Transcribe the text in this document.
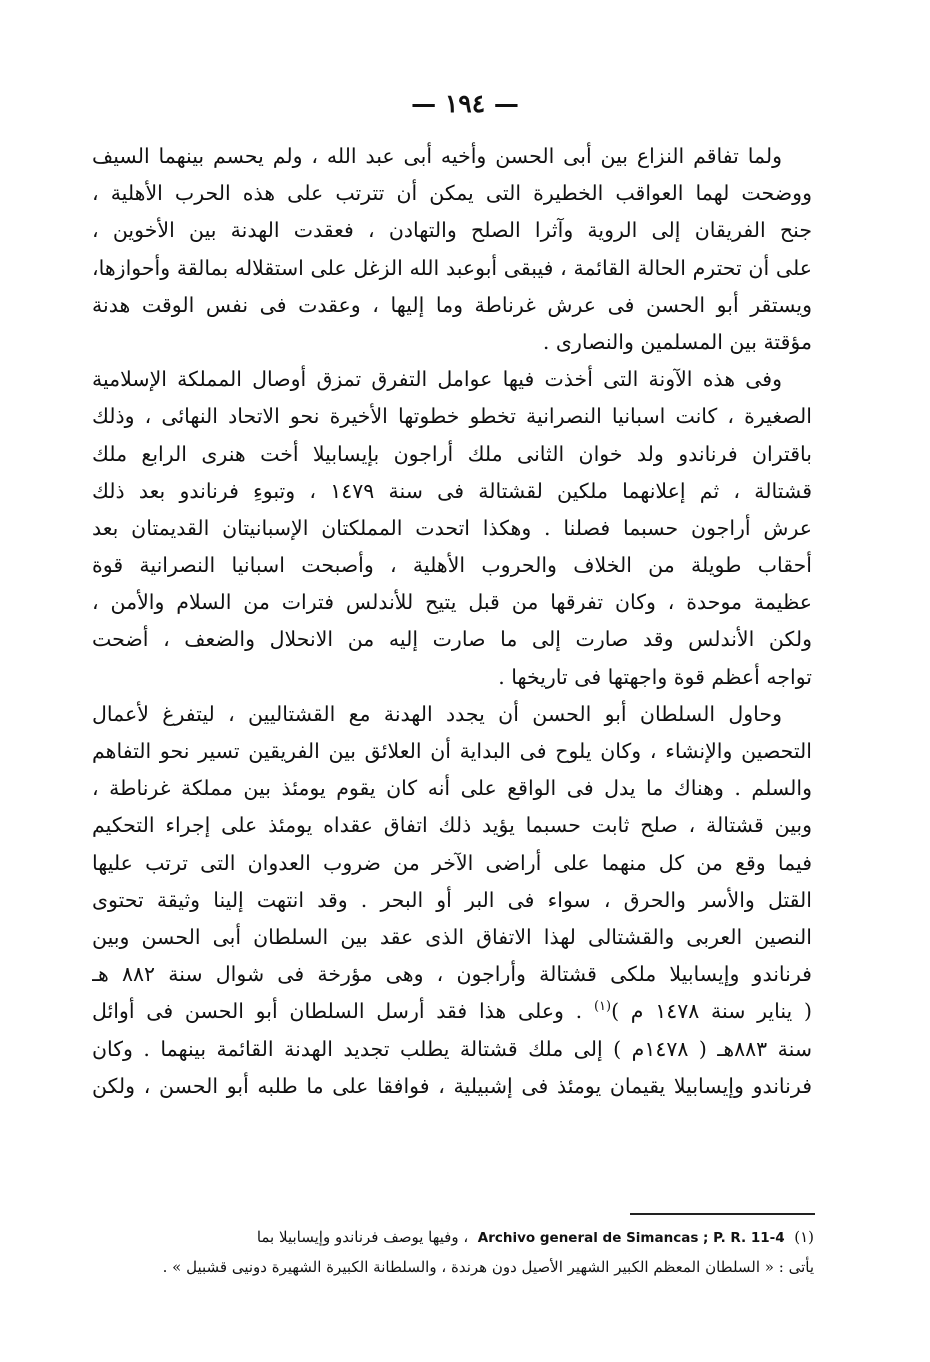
— ١٩٤ —
ولما تفاقم النزاع بين أبى الحسن وأخيه أبى عبد الله ، ولم يحسم بينهما السيف
ووضحت لهما العواقب الخطيرة التى يمكن أن تترتب على هذه الحرب الأهلية ،
جنح الفريقان إلى الروية وآثرا الصلح والتهادن ، فعقدت الهدنة بين الأخوين ،
على أن تحترم الحالة القائمة ، فيبقى أبوعبد الله الزغل على استقلاله بمالقة وأحوازها،
ويستقر أبو الحسن فى عرش غرناطة وما إليها ، وعقدت فى نفس الوقت هدنة
مؤقتة بين المسلمين والنصارى .
وفى هذه الآونة التى أخذت فيها عوامل التفرق تمزق أوصال المملكة الإسلامية
الصغيرة ، كانت اسبانيا النصرانية تخطو خطوتها الأخيرة نحو الاتحاد النهائى ، وذلك
باقتران فرناندو ولد خوان الثانى ملك أراجون بإيسابيلا أخت هنرى الرابع ملك
قشتالة ، ثم إعلانهما ملكين لقشتالة فى سنة ١٤٧٩ ، وتبوءِ فرناندو بعد ذلك
عرش أراجون حسبما فصلنا . وهكذا اتحدت المملكتان الإسبانيتان القديمتان بعد
أحقاب طويلة من الخلاف والحروب الأهلية ، وأصبحت اسبانيا النصرانية قوة
عظيمة موحدة ، وكان تفرقها من قبل يتيح للأندلس فترات من السلام والأمن ،
ولكن الأندلس وقد صارت إلى ما صارت إليه من الانحلال والضعف ، أضحت
تواجه أعظم قوة واجهتها فى تاريخها .
وحاول السلطان أبو الحسن أن يجدد الهدنة مع القشتاليين ، ليتفرغ لأعمال
التحصين والإنشاء ، وكان يلوح فى البداية أن العلائق بين الفريقين تسير نحو التفاهم
والسلم . وهناك ما يدل فى الواقع على أنه كان يقوم يومئذ بين مملكة غرناطة ،
وبين قشتالة ، صلح ثابت حسبما يؤيد ذلك اتفاق عقداه يومئذ على إجراء التحكيم
فيما وقع من كل منهما على أراضى الآخر من ضروب العدوان التى ترتب عليها
القتل والأسر والحرق ، سواء فى البر أو البحر . وقد انتهت إلينا وثيقة تحتوى
النصين العربى والقشتالى لهذا الاتفاق الذى عقد بين السلطان أبى الحسن وبين
فرناندو وإيسابيلا ملكى قشتالة وأراجون ، وهى مؤرخة فى شوال سنة ٨٨٢ هـ
( يناير سنة ١٤٧٨ م )$^{(١)}$ . وعلى هذا فقد أرسل السلطان أبو الحسن فى أوائل
سنة ٨٨٣هـ ( ١٤٧٨م ) إلى ملك قشتالة يطلب تجديد الهدنة القائمة بينهما . وكان
فرناندو وإيسابيلا يقيمان يومئذ فى إشبيلية ، فوافقا على ما طلبه أبو الحسن ، ولكن
(١)  Archivo general de Simancas ; P. R. 11-4  ، وفيها يوصف فرناندو وإيسابيلا بما
يأتى : « السلطان المعظم الكبير الشهير الأصيل دون هرندة ، والسلطانة الكبيرة الشهيرة دونيى قشبيل » .
